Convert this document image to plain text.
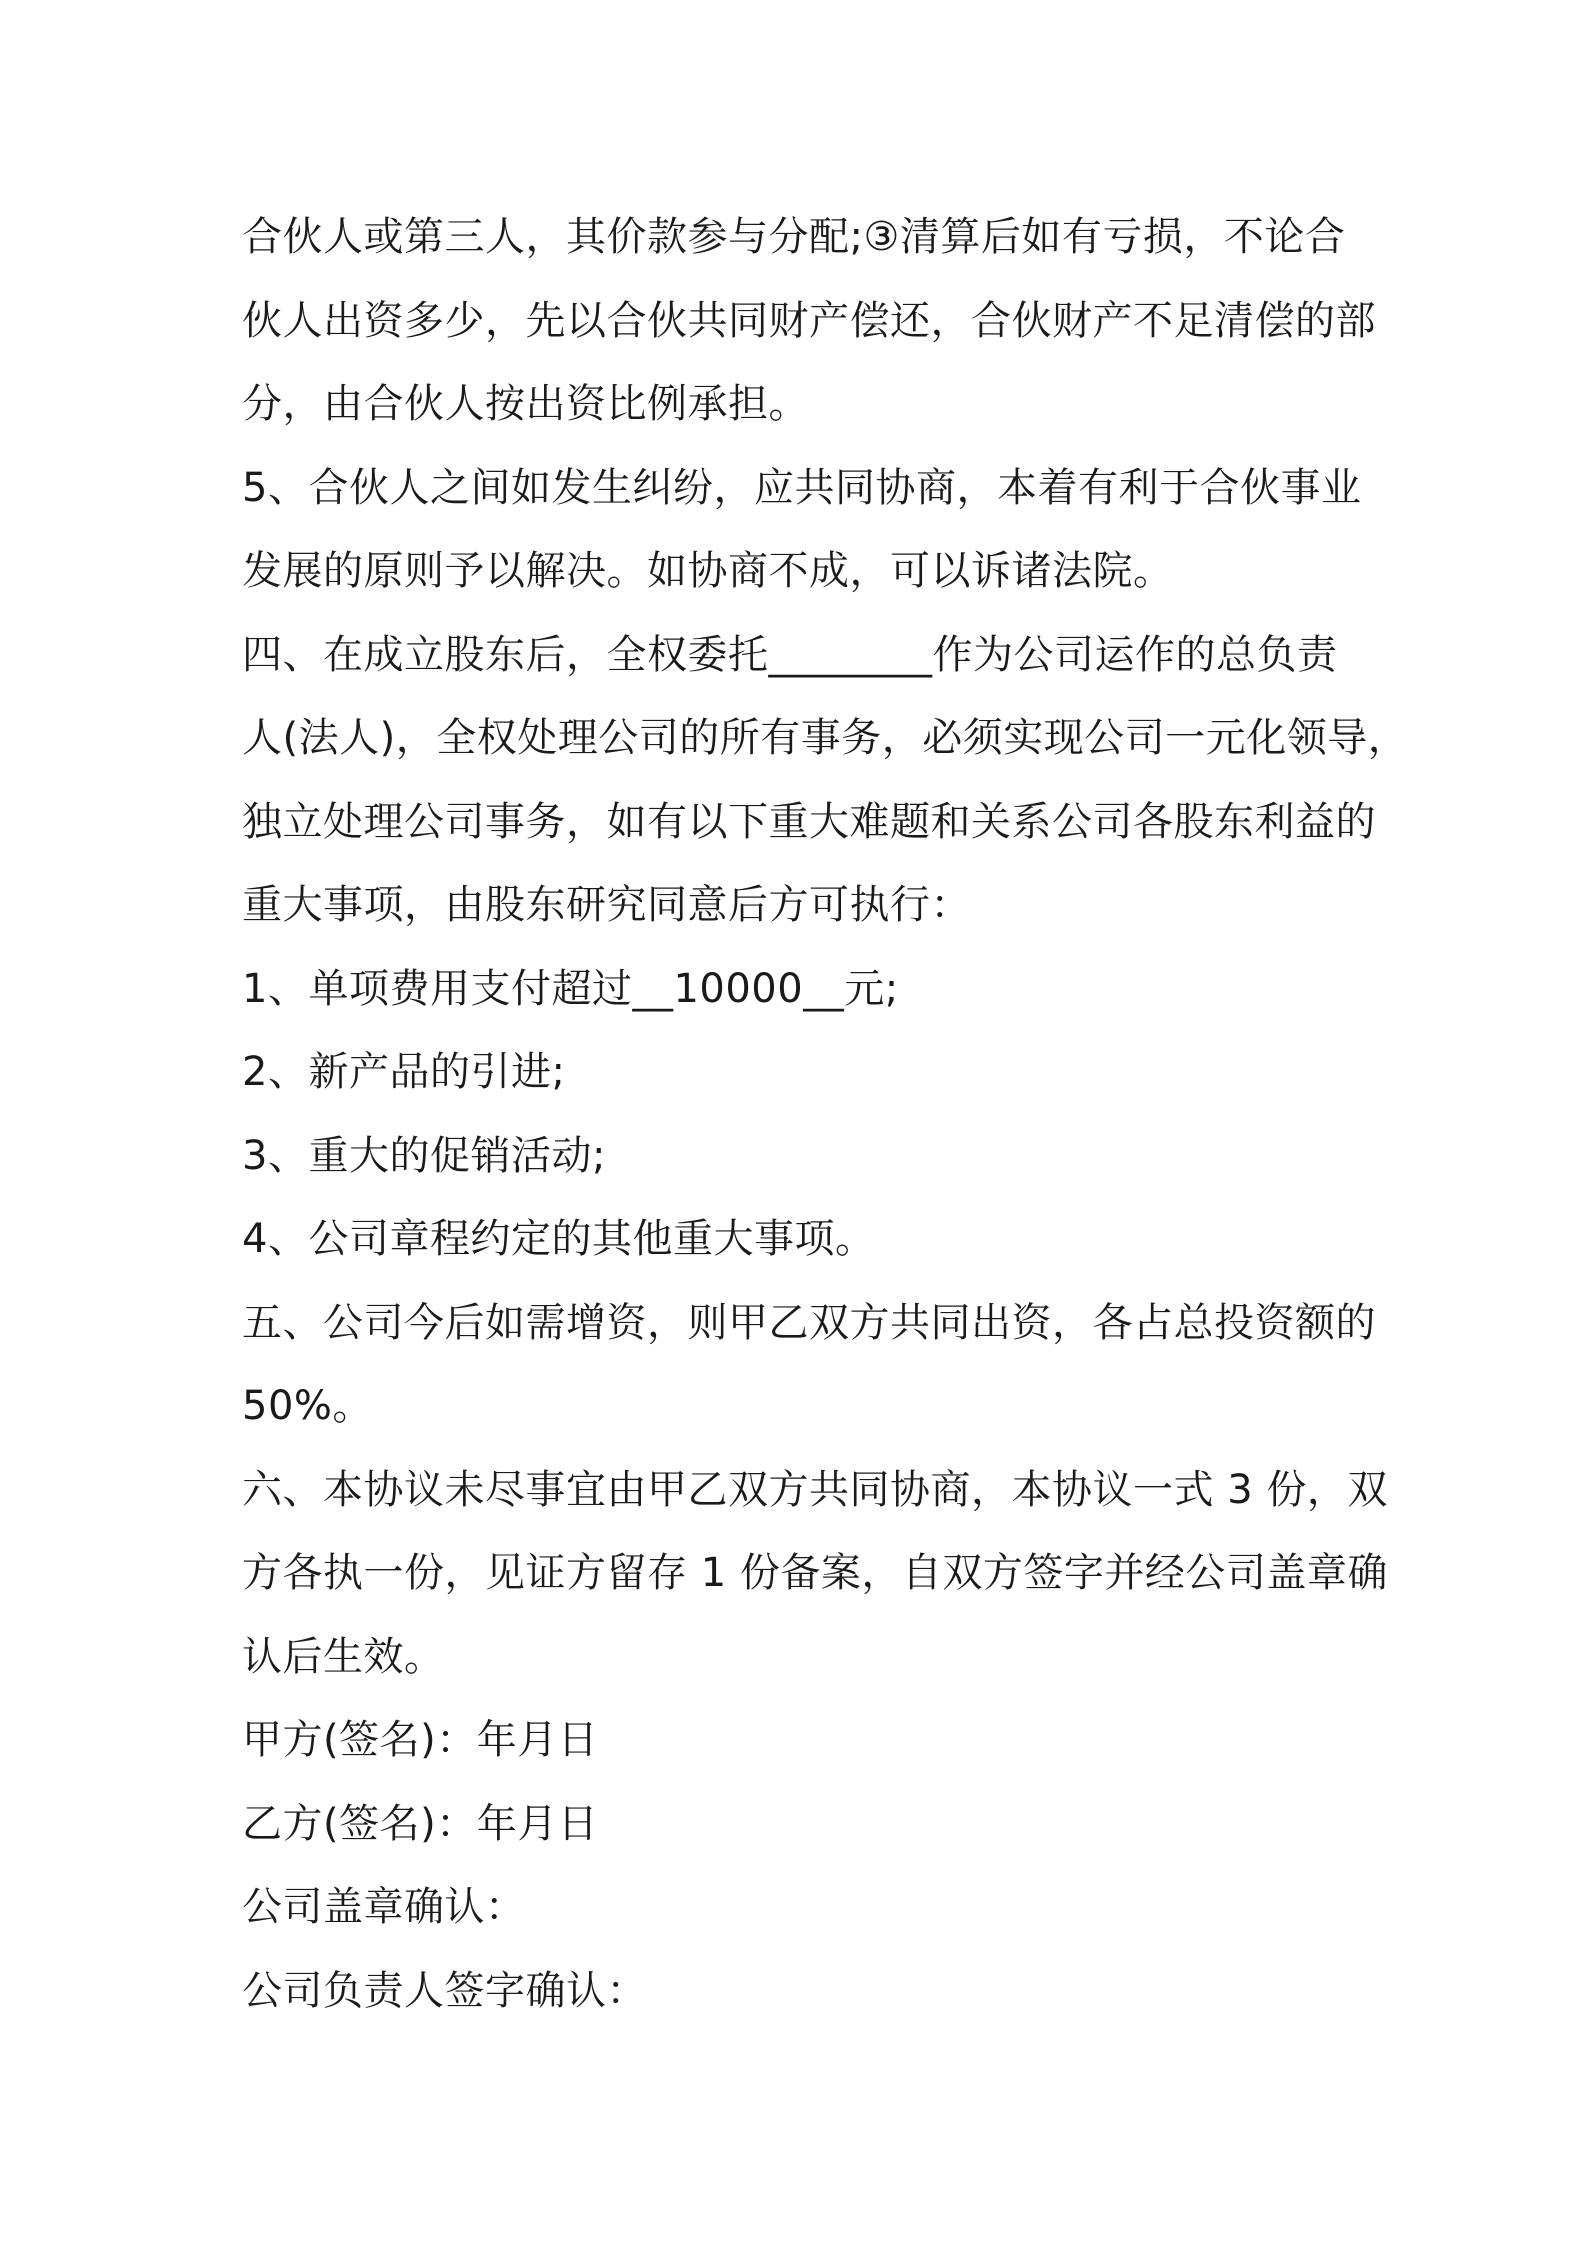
合伙人或第三人，其价款参与分配;③清算后如有亏损，不论合
伙人出资多少，先以合伙共同财产偿还，合伙财产不足清偿的部
分，由合伙人按出资比例承担。
5、合伙人之间如发生纠纷，应共同协商，本着有利于合伙事业
发展的原则予以解决。如协商不成，可以诉诸法院。
四、在成立股东后，全权委托________作为公司运作的总负责
人(法人)，全权处理公司的所有事务，必须实现公司一元化领导，
独立处理公司事务，如有以下重大难题和关系公司各股东利益的
重大事项，由股东研究同意后方可执行：
1、单项费用支付超过__10000__元;
2、新产品的引进;
3、重大的促销活动;
4、公司章程约定的其他重大事项。
五、公司今后如需增资，则甲乙双方共同出资，各占总投资额的
50%。
六、本协议未尽事宜由甲乙双方共同协商，本协议一式 3 份，双
方各执一份，见证方留存 1 份备案，自双方签字并经公司盖章确
认后生效。
甲方(签名)：年月日
乙方(签名)：年月日
公司盖章确认：
公司负责人签字确认：
